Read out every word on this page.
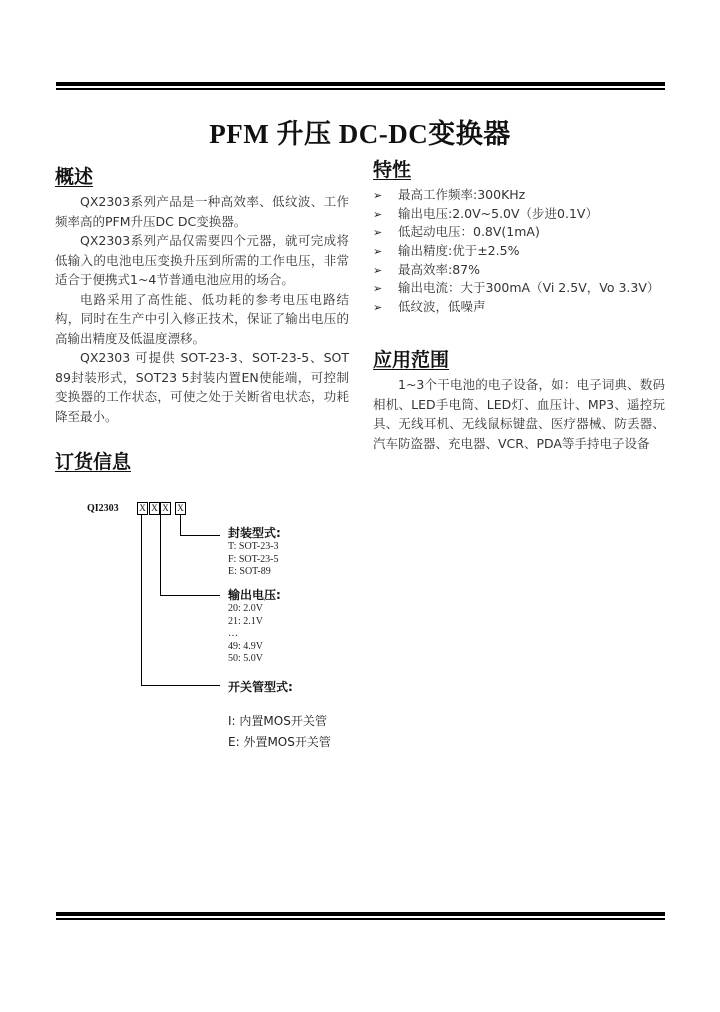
PFM 升压 DC-DC变换器
概述

QX2303系列产品是一种高效率、低纹波、工作频率高的PFM升压DC DC变换器。

QX2303系列产品仅需要四个元器，就可完成将低输入的电池电压变换升压到所需的工作电压，非常适合于便携式1~4节普通电池应用的场合。

电路采用了高性能、低功耗的参考电压电路结构，同时在生产中引入修正技术，保证了输出电压的高输出精度及低温度漂移。

QX2303 可提供 SOT-23-3、SOT-23-5、SOT 89封装形式，SOT23 5封装内置EN使能端，可控制变换器的工作状态，可使之处于关断省电状态，功耗降至最小。

特性
➢ 最高工作频率:300KHz
➢ 输出电压:2.0V~5.0V（步进0.1V）
➢ 低起动电压：0.8V(1mA)
➢ 输出精度:优于±2.5%
➢ 最高效率:87%
➢ 输出电流：大于300mA（Vi 2.5V，Vo 3.3V）
➢ 低纹波，低噪声
应用范围
1~3个干电池的电子设备，如：电子词典、数码相机、LED手电筒、LED灯、血压计、MP3、遥控玩具、无线耳机、无线鼠标键盘、医疗器械、防丢器、汽车防盗器、充电器、VCR、PDA等手持电子设备
订货信息
QI2303 X X X X
封装型式:
T: SOT-23-3
F: SOT-23-5
E: SOT-89
输出电压:
20: 2.0V
21: 2.1V
…
49: 4.9V
50: 5.0V
开关管型式:
I: 内置MOS开关管
E: 外置MOS开关管
